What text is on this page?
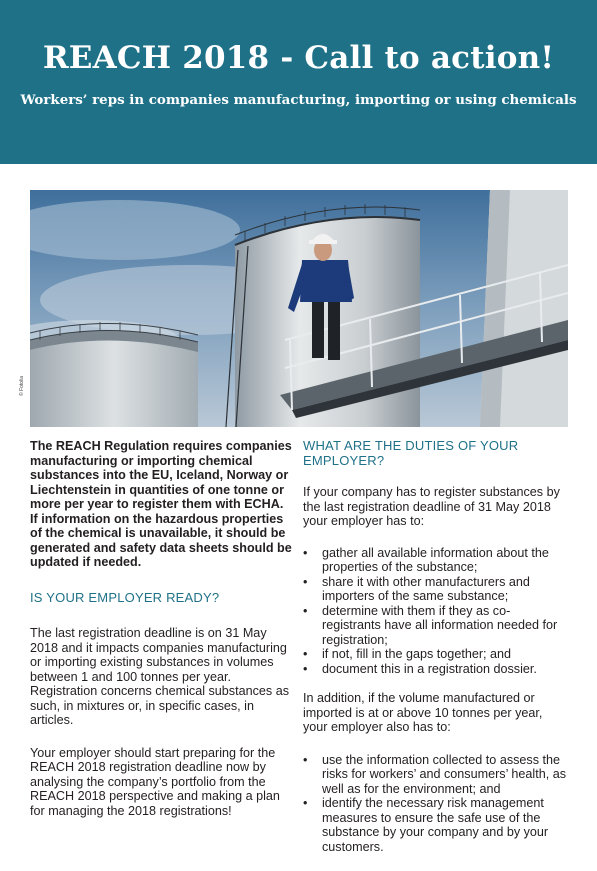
REACH 2018 - Call to action!
Workers’ reps in companies manufacturing, importing or using chemicals
© Fotolia

The REACH Regulation requires companies manufacturing or importing chemical substances into the EU, Iceland, Norway or Liechtenstein in quantities of one tonne or more per year to register them with ECHA. If information on the hazardous properties of the chemical is unavailable, it should be generated and safety data sheets should be updated if needed.

IS YOUR EMPLOYER READY?

The last registration deadline is on 31 May 2018 and it impacts companies manufacturing or importing existing substances in volumes between 1 and 100 tonnes per year. Registration concerns chemical substances as such, in mixtures or, in specific cases, in articles.

Your employer should start preparing for the REACH 2018 registration deadline now by analysing the company’s portfolio from the REACH 2018 perspective and making a plan for managing the 2018 registrations!

WHAT ARE THE DUTIES OF YOUR EMPLOYER?

If your company has to register substances by the last registration deadline of 31 May 2018 your employer has to:

• gather all available information about the properties of the substance;
• share it with other manufacturers and importers of the same substance;
• determine with them if they as co-registrants have all information needed for registration;
• if not, fill in the gaps together; and
• document this in a registration dossier.

In addition, if the volume manufactured or imported is at or above 10 tonnes per year, your employer also has to:

• use the information collected to assess the risks for workers’ and consumers’ health, as well as for the environment; and
• identify the necessary risk management measures to ensure the safe use of the substance by your company and by your customers.
